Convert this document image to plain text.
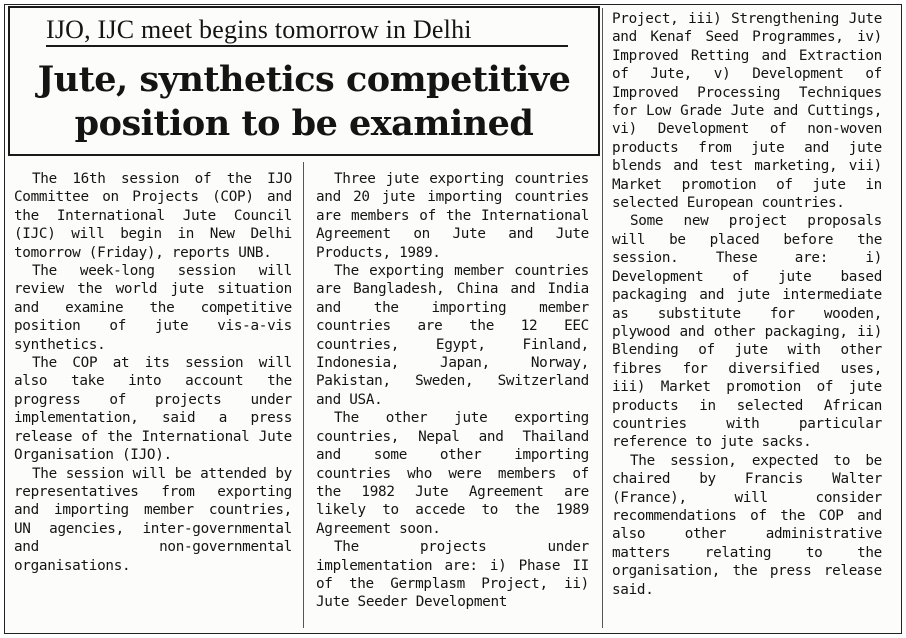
IJO, IJC meet begins tomorrow in Delhi
Jute, synthetics competitive
position to be examined

The 16th session of the IJO Committee on Projects (COP) and the International Jute Council (IJC) will begin in New Delhi tomorrow (Friday), reports UNB.

The week-long session will review the world jute situation and examine the competitive position of jute vis-a-vis synthetics.

The COP at its session will also take into account the progress of projects under implementation, said a press release of the International Jute Organisation (IJO).

The session will be attended by representatives from exporting and importing member countries, UN agencies, inter-governmental and non-governmental organisations.

Three jute exporting countries and 20 jute importing countries are members of the International Agreement on Jute and Jute Products, 1989.

The exporting member countries are Bangladesh, China and India and the importing member countries are the 12 EEC countries, Egypt, Finland, Indonesia, Japan, Norway, Pakistan, Sweden, Switzerland and USA.

The other jute exporting countries, Nepal and Thailand and some other importing countries who were members of the 1982 Jute Agreement are likely to accede to the 1989 Agreement soon.

The projects under implementation are: i) Phase II of the Germplasm Project, ii) Jute Seeder Development

Project, iii) Strengthening Jute and Kenaf Seed Programmes, iv) Improved Retting and Extraction of Jute, v) Development of Improved Processing Techniques for Low Grade Jute and Cuttings, vi) Development of non-woven products from jute and jute blends and test marketing, vii) Market promotion of jute in selected European countries.

Some new project proposals will be placed before the session. These are: i) Development of jute based packaging and jute intermediate as substitute for wooden, plywood and other packaging, ii) Blending of jute with other fibres for diversified uses, iii) Market promotion of jute products in selected African countries with particular reference to jute sacks.

The session, expected to be chaired by Francis Walter (France), will consider recommendations of the COP and also other administrative matters relating to the organisation, the press release said.
